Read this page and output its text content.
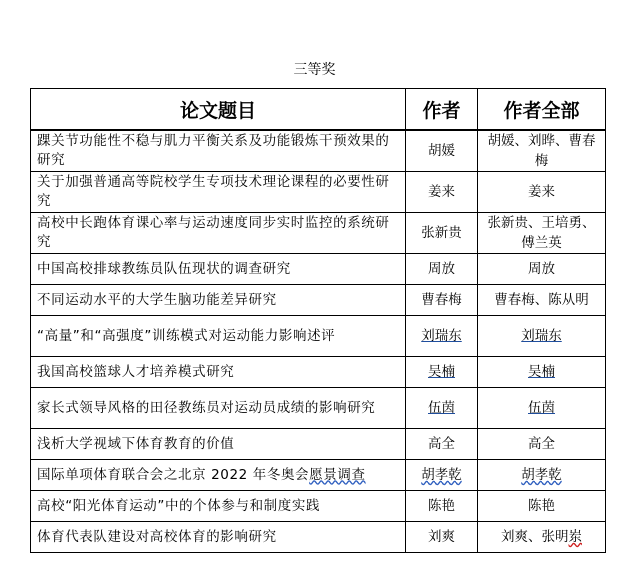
三等奖
论文题目	作者	作者全部
踝关节功能性不稳与肌力平衡关系及功能锻炼干预效果的研究	胡媛	胡媛、刘晔、曹春梅
关于加强普通高等院校学生专项技术理论课程的必要性研究	姜来	姜来
高校中长跑体育课心率与运动速度同步实时监控的系统研究	张新贵	张新贵、王培勇、傅兰英
中国高校排球教练员队伍现状的调查研究	周放	周放
不同运动水平的大学生脑功能差异研究	曹春梅	曹春梅、陈从明
“高量”和“高强度”训练模式对运动能力影响述评	刘瑞东	刘瑞东
我国高校篮球人才培养模式研究	吴楠	吴楠
家长式领导风格的田径教练员对运动员成绩的影响研究	伍茵	伍茵
浅析大学视域下体育教育的价值	高全	高全
国际单项体育联合会之北京 2022 年冬奥会愿景调查	胡孝乾	胡孝乾
高校“阳光体育运动”中的个体参与和制度实践	陈艳	陈艳
体育代表队建设对高校体育的影响研究	刘爽	刘爽、张明岽
